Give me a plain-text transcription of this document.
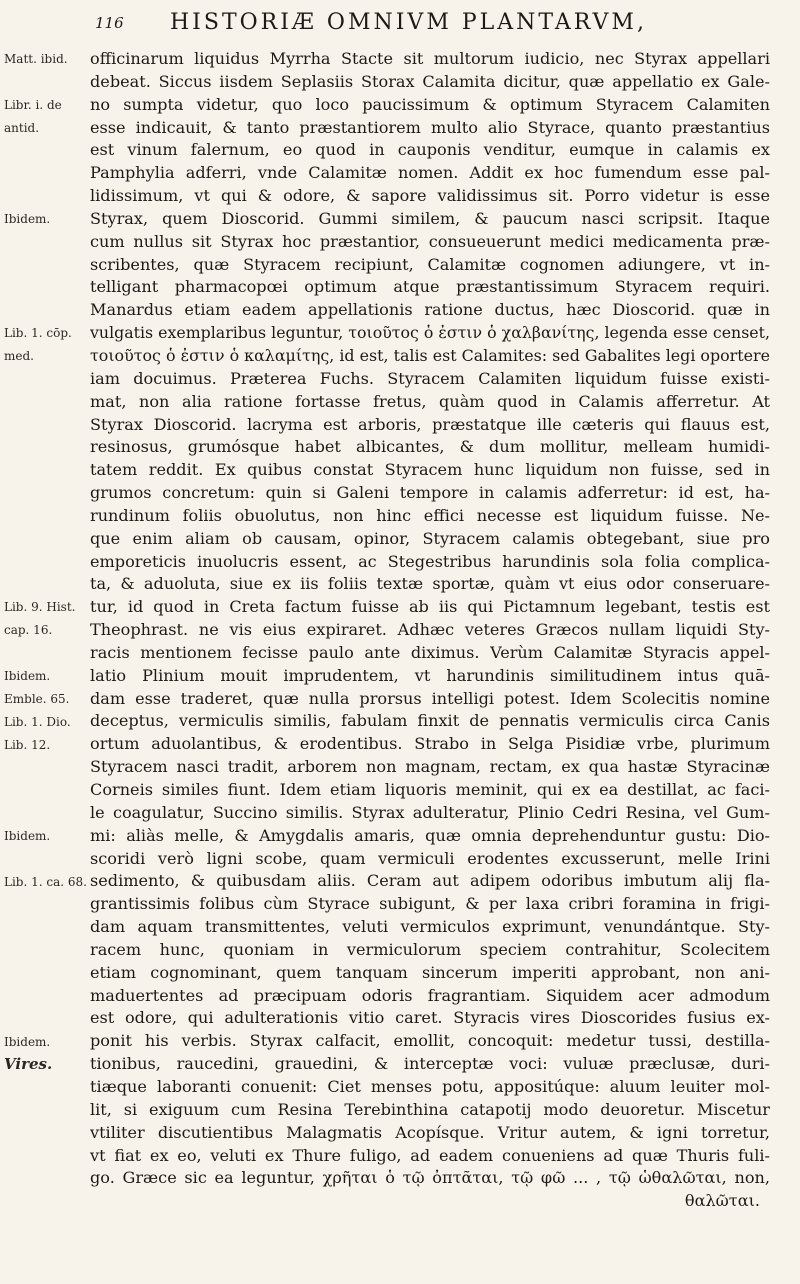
116 HISTORIÆ OMNIVM PLANTARVM,
Matt. ibid.
Libr. i. de
antid.
Ibidem.
Lib. 1. cōp.
med.
Lib. 9. Hist.
cap. 16.
Ibidem.
Emble. 65.
Lib. 1. Dio.
Lib. 12.
Ibidem.
Lib. 1. ca. 68.
Ibidem.
Vires.
officinarum liquidus Myrrha Stacte sit multorum iudicio, nec Styrax appellari
debeat. Siccus iisdem Seplasiis Storax Calamita dicitur, quæ appellatio ex Gale-
no sumpta videtur, quo loco paucissimum & optimum Styracem Calamiten
esse indicauit, & tanto præstantiorem multo alio Styrace, quanto præstantius
est vinum falernum, eo quod in cauponis venditur, eumque in calamis ex
Pamphylia adferri, vnde Calamitæ nomen. Addit ex hoc fumendum esse pal-
lidissimum, vt qui & odore, & sapore validissimus sit. Porro videtur is esse
Styrax, quem Dioscorid. Gummi similem, & paucum nasci scripsit. Itaque
cum nullus sit Styrax hoc præstantior, consueuerunt medici medicamenta præ-
scribentes, quæ Styracem recipiunt, Calamitæ cognomen adiungere, vt in-
telligant pharmacopœi optimum atque præstantissimum Styracem requiri.
Manardus etiam eadem appellationis ratione ductus, hæc Dioscorid. quæ in
vulgatis exemplaribus leguntur, τοιοῦτος ὁ ἐστιν ὁ χαλβανίτης, legenda esse censet,
τοιοῦτος ὁ ἐστιν ὁ καλαμίτης, id est, talis est Calamites: sed Gabalites legi oportere
iam docuimus. Præterea Fuchs. Styracem Calamiten liquidum fuisse existi-
mat, non alia ratione fortasse fretus, quàm quod in Calamis afferretur. At
Styrax Dioscorid. lacryma est arboris, præstatque ille cæteris qui flauus est,
resinosus, grumósque habet albicantes, & dum mollitur, melleam humidi-
tatem reddit. Ex quibus constat Styracem hunc liquidum non fuisse, sed in
grumos concretum: quin si Galeni tempore in calamis adferretur: id est, ha-
rundinum foliis obuolutus, non hinc effici necesse est liquidum fuisse. Ne-
que enim aliam ob causam, opinor, Styracem calamis obtegebant, siue pro
emporeticis inuolucris essent, ac Stegestribus harundinis sola folia complica-
ta, & aduoluta, siue ex iis foliis textæ sportæ, quàm vt eius odor conseruare-
tur, id quod in Creta factum fuisse ab iis qui Pictamnum legebant, testis est
Theophrast. ne vis eius expiraret. Adhæc veteres Græcos nullam liquidi Sty-
racis mentionem fecisse paulo ante diximus. Verùm Calamitæ Styracis appel-
latio Plinium mouit imprudentem, vt harundinis similitudinem intus quā-
dam esse traderet, quæ nulla prorsus intelligi potest. Idem Scolecitis nomine
deceptus, vermiculis similis, fabulam finxit de pennatis vermiculis circa Canis
ortum aduolantibus, & erodentibus. Strabo in Selga Pisidiæ vrbe, plurimum
Styracem nasci tradit, arborem non magnam, rectam, ex qua hastæ Styracinæ
Corneis similes fiunt. Idem etiam liquoris meminit, qui ex ea destillat, ac faci-
le coagulatur, Succino similis. Styrax adulteratur, Plinio Cedri Resina, vel Gum-
mi: aliàs melle, & Amygdalis amaris, quæ omnia deprehenduntur gustu: Dio-
scoridi verò ligni scobe, quam vermiculi erodentes excusserunt, melle Irini
sedimento, & quibusdam aliis. Ceram aut adipem odoribus imbutum alij fla-
grantissimis folibus cùm Styrace subigunt, & per laxa cribri foramina in frigi-
dam aquam transmittentes, veluti vermiculos exprimunt, venundántque. Sty-
racem hunc, quoniam in vermiculorum speciem contrahitur, Scolecitem
etiam cognominant, quem tanquam sincerum imperiti approbant, non ani-
maduertentes ad præcipuam odoris fragrantiam. Siquidem acer admodum
est odore, qui adulterationis vitio caret. Styracis vires Dioscorides fusius ex-
ponit his verbis. Styrax calfacit, emollit, concoquit: medetur tussi, destilla-
tionibus, raucedini, grauedini, & interceptæ voci: vuluæ præclusæ, duri-
tiæque laboranti conuenit: Ciet menses potu, appositúque: aluum leuiter mol-
lit, si exiguum cum Resina Terebinthina catapotij modo deuoretur. Miscetur
vtiliter discutientibus Malagmatis Acopísque. Vritur autem, & igni torretur,
vt fiat ex eo, veluti ex Thure fuligo, ad eadem conueniens ad quæ Thuris fuli-
go. Græce sic ea leguntur, χρῆται ὁ τῷ ὀπτᾶται, τῷ φῶ ... , τῷ ὡθαλῶται, non,
θαλῶται.
